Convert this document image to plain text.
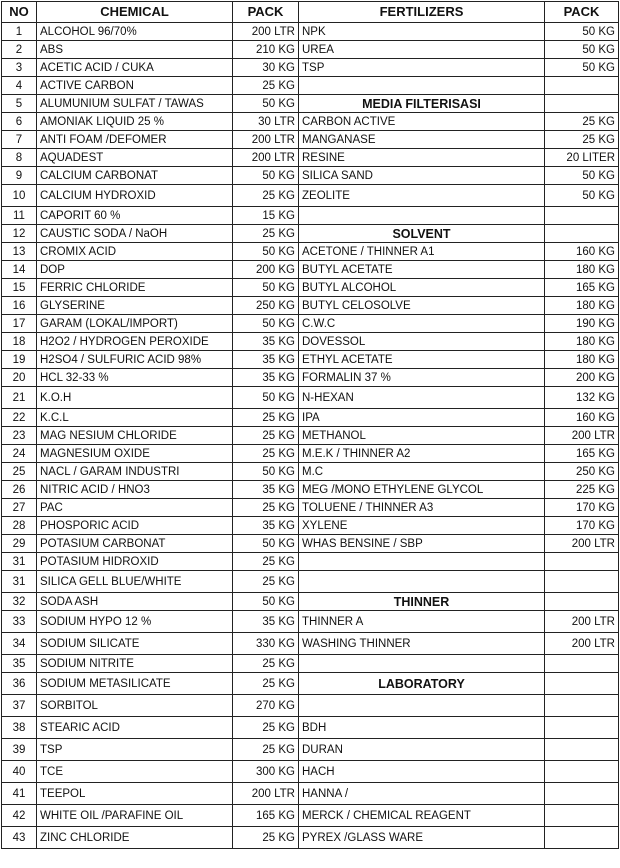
NO	CHEMICAL	PACK	FERTILIZERS	PACK
1	ALCOHOL 96/70%	200 LTR	NPK	50 KG
2	ABS	210 KG	UREA	50 KG
3	ACETIC ACID / CUKA	30 KG	TSP	50 KG
4	ACTIVE CARBON	25 KG		
5	ALUMUNIUM SULFAT / TAWAS	50 KG	MEDIA FILTERISASI	
6	AMONIAK LIQUID 25 %	30 LTR	CARBON ACTIVE	25 KG
7	ANTI FOAM /DEFOMER	200 LTR	MANGANASE	25 KG
8	AQUADEST	200 LTR	RESINE	20 LITER
9	CALCIUM CARBONAT	50 KG	SILICA SAND	50 KG
10	CALCIUM HYDROXID	25 KG	ZEOLITE	50 KG
11	CAPORIT 60 %	15 KG		
12	CAUSTIC SODA / NaOH	25 KG	SOLVENT	
13	CROMIX ACID	50 KG	ACETONE / THINNER A1	160 KG
14	DOP	200 KG	BUTYL ACETATE	180 KG
15	FERRIC CHLORIDE	50 KG	BUTYL ALCOHOL	165 KG
16	GLYSERINE	250 KG	BUTYL CELOSOLVE	180 KG
17	GARAM (LOKAL/IMPORT)	50 KG	C.W.C	190 KG
18	H2O2 / HYDROGEN PEROXIDE	35 KG	DOVESSOL	180 KG
19	H2SO4 / SULFURIC ACID 98%	35 KG	ETHYL ACETATE	180 KG
20	HCL 32-33 %	35 KG	FORMALIN 37 %	200 KG
21	K.O.H	50 KG	N-HEXAN	132 KG
22	K.C.L	25 KG	IPA	160 KG
23	MAG NESIUM CHLORIDE	25 KG	METHANOL	200 LTR
24	MAGNESIUM OXIDE	25 KG	M.E.K / THINNER A2	165 KG
25	NACL / GARAM INDUSTRI	50 KG	M.C	250 KG
26	NITRIC ACID / HNO3	35 KG	MEG /MONO ETHYLENE GLYCOL	225 KG
27	PAC	25 KG	TOLUENE / THINNER A3	170 KG
28	PHOSPORIC ACID	35 KG	XYLENE	170 KG
29	POTASIUM CARBONAT	50 KG	WHAS BENSINE / SBP	200 LTR
31	POTASIUM HIDROXID	25 KG		
31	SILICA GELL BLUE/WHITE	25 KG		
32	SODA ASH	50 KG	THINNER	
33	SODIUM HYPO 12 %	35 KG	THINNER A	200 LTR
34	SODIUM SILICATE	330 KG	WASHING THINNER	200 LTR
35	SODIUM NITRITE	25 KG		
36	SODIUM METASILICATE	25 KG	LABORATORY	
37	SORBITOL	270 KG		
38	STEARIC ACID	25 KG	BDH	
39	TSP	25 KG	DURAN	
40	TCE	300 KG	HACH	
41	TEEPOL	200 LTR	HANNA /	
42	WHITE OIL /PARAFINE OIL	165 KG	MERCK / CHEMICAL REAGENT	
43	ZINC CHLORIDE	25 KG	PYREX /GLASS WARE	
